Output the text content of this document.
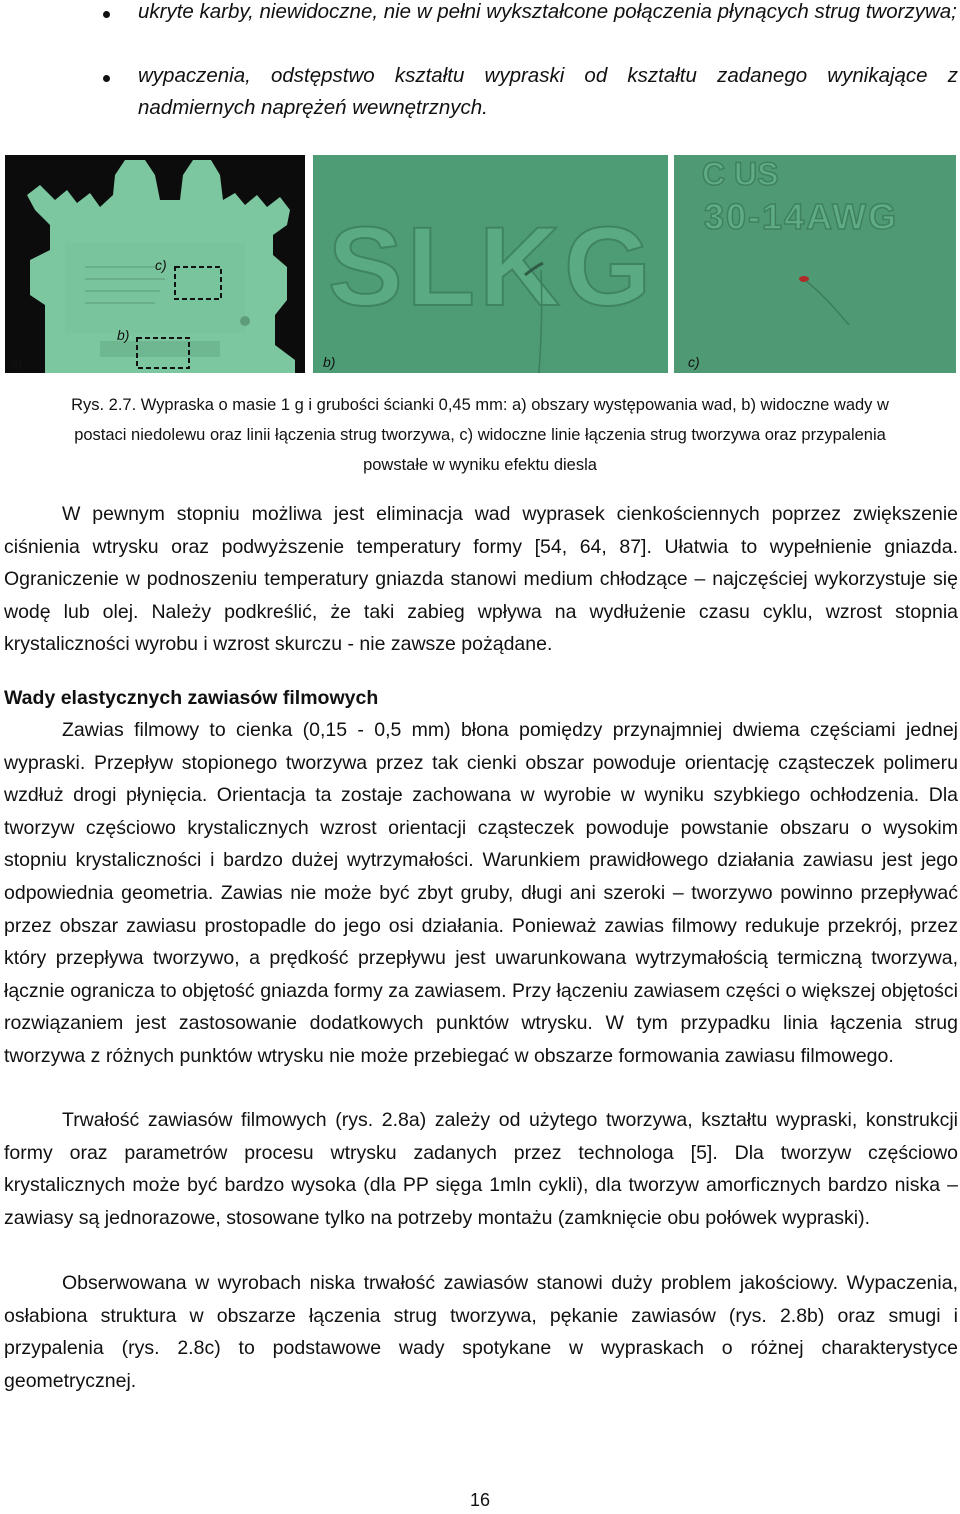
ukryte karby, niewidoczne, nie w pełni wykształcone połączenia płynących strug tworzywa;
wypaczenia, odstępstwo kształtu wypraski od kształtu zadanego wynikające z nadmiernych naprężeń wewnętrznych.
c)
b)
a)
SLKG
b)
C US
30-14AWG
c)
Rys. 2.7. Wypraska o masie 1 g i grubości ścianki 0,45 mm: a) obszary występowania wad, b) widoczne wady w
postaci niedolewu oraz linii łączenia strug tworzywa, c) widoczne linie łączenia strug tworzywa oraz przypalenia
powstałe w wyniku efektu diesla
W pewnym stopniu możliwa jest eliminacja wad wyprasek cienkościennych poprzez zwiększenie ciśnienia wtrysku oraz podwyższenie temperatury formy [54, 64, 87]. Ułatwia to wypełnienie gniazda. Ograniczenie w podnoszeniu temperatury gniazda stanowi medium chłodzące – najczęściej wykorzystuje się wodę lub olej. Należy podkreślić, że taki zabieg wpływa na wydłużenie czasu cyklu, wzrost stopnia krystaliczności wyrobu i wzrost skurczu - nie zawsze pożądane.
Wady elastycznych zawiasów filmowych
Zawias filmowy to cienka (0,15 - 0,5 mm) błona pomiędzy przynajmniej dwiema częściami jednej wypraski. Przepływ stopionego tworzywa przez tak cienki obszar powoduje orientację cząsteczek polimeru wzdłuż drogi płynięcia. Orientacja ta zostaje zachowana w wyrobie w wyniku szybkiego ochłodzenia. Dla tworzyw częściowo krystalicznych wzrost orientacji cząsteczek powoduje powstanie obszaru o wysokim stopniu krystaliczności i bardzo dużej wytrzymałości. Warunkiem prawidłowego działania zawiasu jest jego odpowiednia geometria. Zawias nie może być zbyt gruby, długi ani szeroki – tworzywo powinno przepływać przez obszar zawiasu prostopadle do jego osi działania. Ponieważ zawias filmowy redukuje przekrój, przez który przepływa tworzywo, a prędkość przepływu jest uwarunkowana wytrzymałością termiczną tworzywa, łącznie ogranicza to objętość gniazda formy za zawiasem. Przy łączeniu zawiasem części o większej objętości rozwiązaniem jest zastosowanie dodatkowych punktów wtrysku. W tym przypadku linia łączenia strug tworzywa z różnych punktów wtrysku nie może przebiegać w obszarze formowania zawiasu filmowego.
Trwałość zawiasów filmowych (rys. 2.8a) zależy od użytego tworzywa, kształtu wypraski, konstrukcji formy oraz parametrów procesu wtrysku zadanych przez technologa [5]. Dla tworzyw częściowo krystalicznych może być bardzo wysoka (dla PP sięga 1mln cykli), dla tworzyw amorficznych bardzo niska – zawiasy są jednorazowe, stosowane tylko na potrzeby montażu (zamknięcie obu połówek wypraski).
Obserwowana w wyrobach niska trwałość zawiasów stanowi duży problem jakościowy. Wypaczenia, osłabiona struktura w obszarze łączenia strug tworzywa, pękanie zawiasów (rys. 2.8b) oraz smugi i przypalenia (rys. 2.8c) to podstawowe wady spotykane w wypraskach o różnej charakterystyce geometrycznej.
16
